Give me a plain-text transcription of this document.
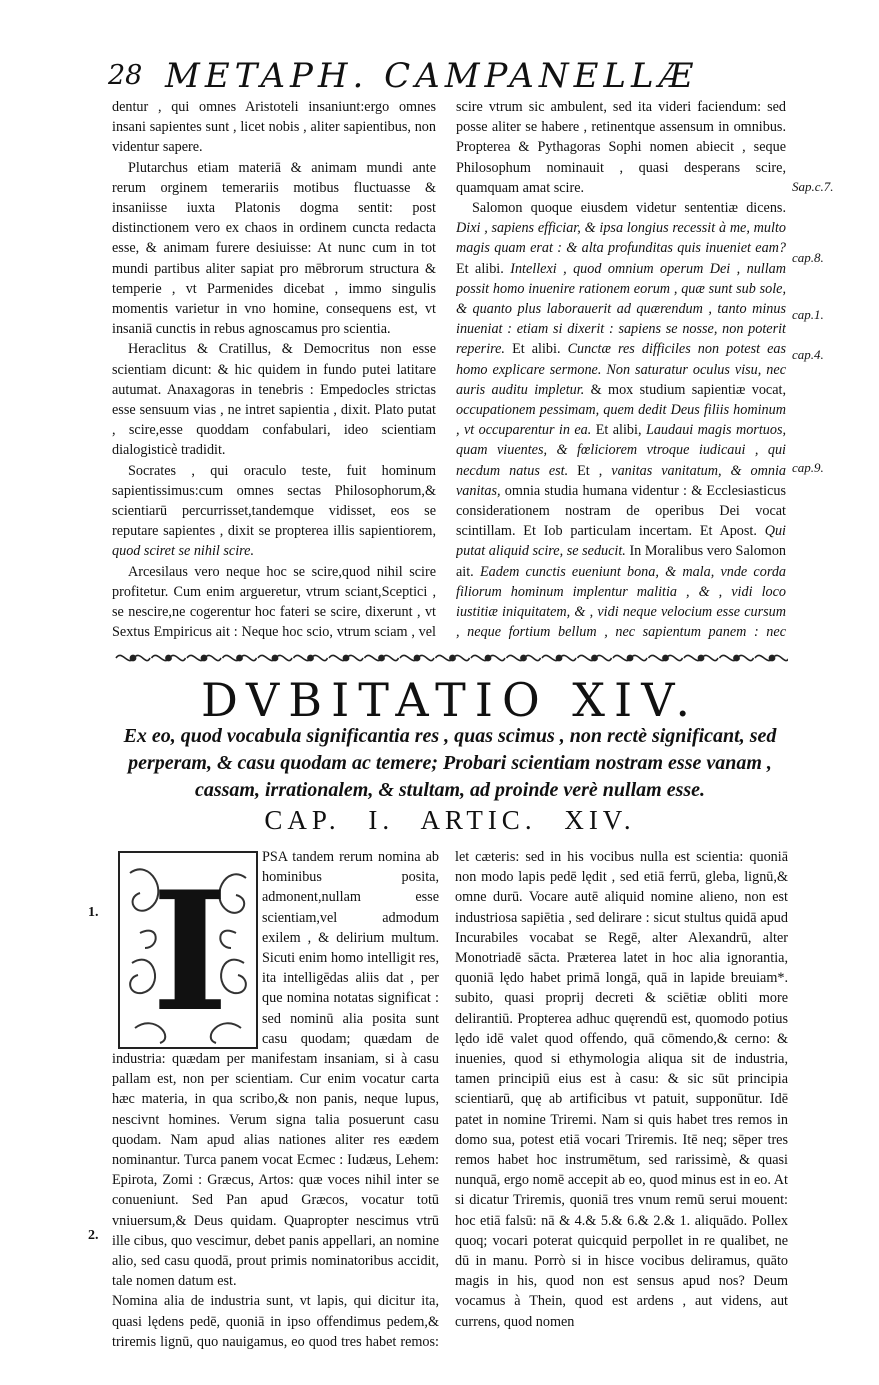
28 METAPH. CAMPANELLÆ

dentur , qui omnes Aristoteli insaniunt:ergo omnes insani sapientes sunt , licet nobis , aliter sapientibus, non videntur sapere.

Plutarchus etiam materiā & animam mundi ante rerum orginem temerariis motibus fluctuasse & insaniisse iuxta Platonis dogma sentit: post distinctionem vero ex chaos in ordinem cuncta redacta esse, & animam furere desiuisse: At nunc cum in tot mundi partibus aliter sapiat pro mēbrorum structura & temperie , vt Parmenides dicebat , immo singulis momentis varietur in vno homine, consequens est, vt insaniā cunctis in rebus agnoscamus pro scientia.

Heraclitus & Cratillus, & Democritus non esse scientiam dicunt: & hic quidem in fundo putei latitare autumat. Anaxagoras in tenebris : Empedocles strictas esse sensuum vias , ne intret sapientia , dixit. Plato putat , scire,esse quoddam confabulari, ideo scientiam dialogisticè tradidit.

Socrates , qui oraculo teste, fuit hominum sapientissimus:cum omnes sectas Philosophorum,& scientiarū percurrisset,tandemque vidisset, eos se reputare sapientes , dixit se propterea illis sapientiorem, quod sciret se nihil scire.

Arcesilaus vero neque hoc se scire,quod nihil scire profitetur. Cum enim argueretur, vtrum sciant,Sceptici , se nescire,ne cogerentur hoc fateri se scire, dixerunt , vt Sextus Empiricus ait : Neque hoc scio, vtrum sciam , vel

scire vtrum sic ambulent, sed ita videri faciendum: sed posse aliter se habere , retinentque assensum in omnibus. Propterea & Pythagoras Sophi nomen abiecit , seque Philosophum nominauit , quasi desperans scire, quamquam amat scire.

Salomon quoque eiusdem videtur sententiæ dicens. Dixi , sapiens efficiar, & ipsa longius recessit à me, multo magis quam erat : & alta profunditas quis inueniet eam? Et alibi. Intellexi , quod omnium operum Dei , nullam possit homo inuenire rationem eorum , quæ sunt sub sole, & quanto plus laborauerit ad quærendum , tanto minus inueniat : etiam si dixerit : sapiens se nosse, non poterit reperire. Et alibi. Cunctæ res difficiles non potest eas homo explicare sermone. Non saturatur oculus visu, nec auris auditu impletur. & mox studium sapientiæ vocat, occupationem pessimam, quem dedit Deus filiis hominum , vt occuparentur in ea. Et alibi, Laudaui magis mortuos, quam viuentes, & fœliciorem vtroque iudicaui , qui necdum natus est. Et , vanitas vanitatum, & omnia vanitas, omnia studia humana videntur : & Ecclesiasticus considerationem nostram de operibus Dei vocat scintillam. Et Iob particulam incertam. Et Apost. Qui putat aliquid scire, se seducit. In Moralibus vero Salomon ait. Eadem cunctis eueniunt bona, & mala, vnde corda filiorum hominum implentur malitia , & , vidi loco iustitiæ iniquitatem, & , vidi neque velocium esse cursum , neque fortium bellum , nec sapientum panem : nec

Sap.c.7.
cap.8.
cap.1.
cap.4.
cap.9.
DVBITATIO XIV.
Ex eo, quod vocabula significantia res , quas scimus , non rectè significant, sed perperam, & casu quodam ac temere; Probari scientiam nostram esse vanam , cassam, irrationalem, & stultam, ad proinde verè nullam esse.
CAP. I. ARTIC. XIV.
1.
2.

PSA tandem rerum nomina ab hominibus posita, admonent,nullam esse scientiam,vel admodum exilem , & delirium multum. Sicuti enim homo intelligit res, ita intelligēdas aliis dat , per que nomina notatas significat : sed nominū alia posita sunt casu quodam; quædam de industria: quædam per manifestam insaniam, si à casu pallam est, non per scientiam. Cur enim vocatur carta hæc materia, in qua scribo,& non panis, neque lupus, nescivnt homines. Verum signa talia posuerunt casu quodam. Nam apud alias nationes aliter res eædem nominantur. Turca panem vocat Ecmec : Iudæus, Lehem: Epirota, Zomi : Græcus, Artos: quæ voces nihil inter se conueniunt. Sed Pan apud Græcos, vocatur totū vniuersum,& Deus quidam. Quapropter nescimus vtrū ille cibus, quo vescimur, debet panis appellari, an nomine alio, sed casu quodā, prout primis nominatoribus accidit, tale nomen datum est.

Nomina alia de industria sunt, vt lapis, qui dicitur ita, quasi lędens pedē, quoniā in ipso offendimus pedem,& triremis lignū, quo nauigamus, eo quod tres habet remos:

I	let cæteris: sed in his vocibus nulla est scientia: quoniā non modo lapis pedē lędit , sed etiā ferrū, gleba, lignū,& omne durū. Vocare autē aliquid nomine alieno, non est industriosa sapiētia , sed delirare : sicut stultus quidā apud Incurabiles vocabat se Regē, alter Alexandrū, alter Monotriadē sācta. Præterea latet in hoc alia ignorantia, quoniā lędo habet primā longā, quā in lapide breuiam*. subito, quasi proprij decreti & sciētiæ obliti more delirantiū. Propterea adhuc quęrendū est, quomodo potius lędo idē valet quod offendo, quā cōmendo,& cerno: & inuenies, quod si ethymologia aliqua sit de industria, tamen principiū eius est à casu: & sic sūt principia scientiarū, quę ab artificibus vt patuit, supponūtur. Idē patet in nomine Triremi. Nam si quis habet tres remos in domo sua, potest etiā vocari Triremis. Itē neq; sēper tres remos habet hoc instrumētum, sed rarissimè, & quasi nunquā, ergo nomē accepit ab eo, quod minus est in eo. At si dicatur Triremis, quoniā tres vnum remū serui mouent: hoc etiā falsū: nā & 4.& 5.& 6.& 2.& 1. aliquādo. Pollex quoq; vocari poterat quicquid perpollet in re qualibet, ne dū in manu. Porrò si in hisce vocibus deliramus, quāto magis in his, quod non est sensus apud nos? Deum vocamus à Thein, quod est ardens , aut videns, aut currens, quod nomen
